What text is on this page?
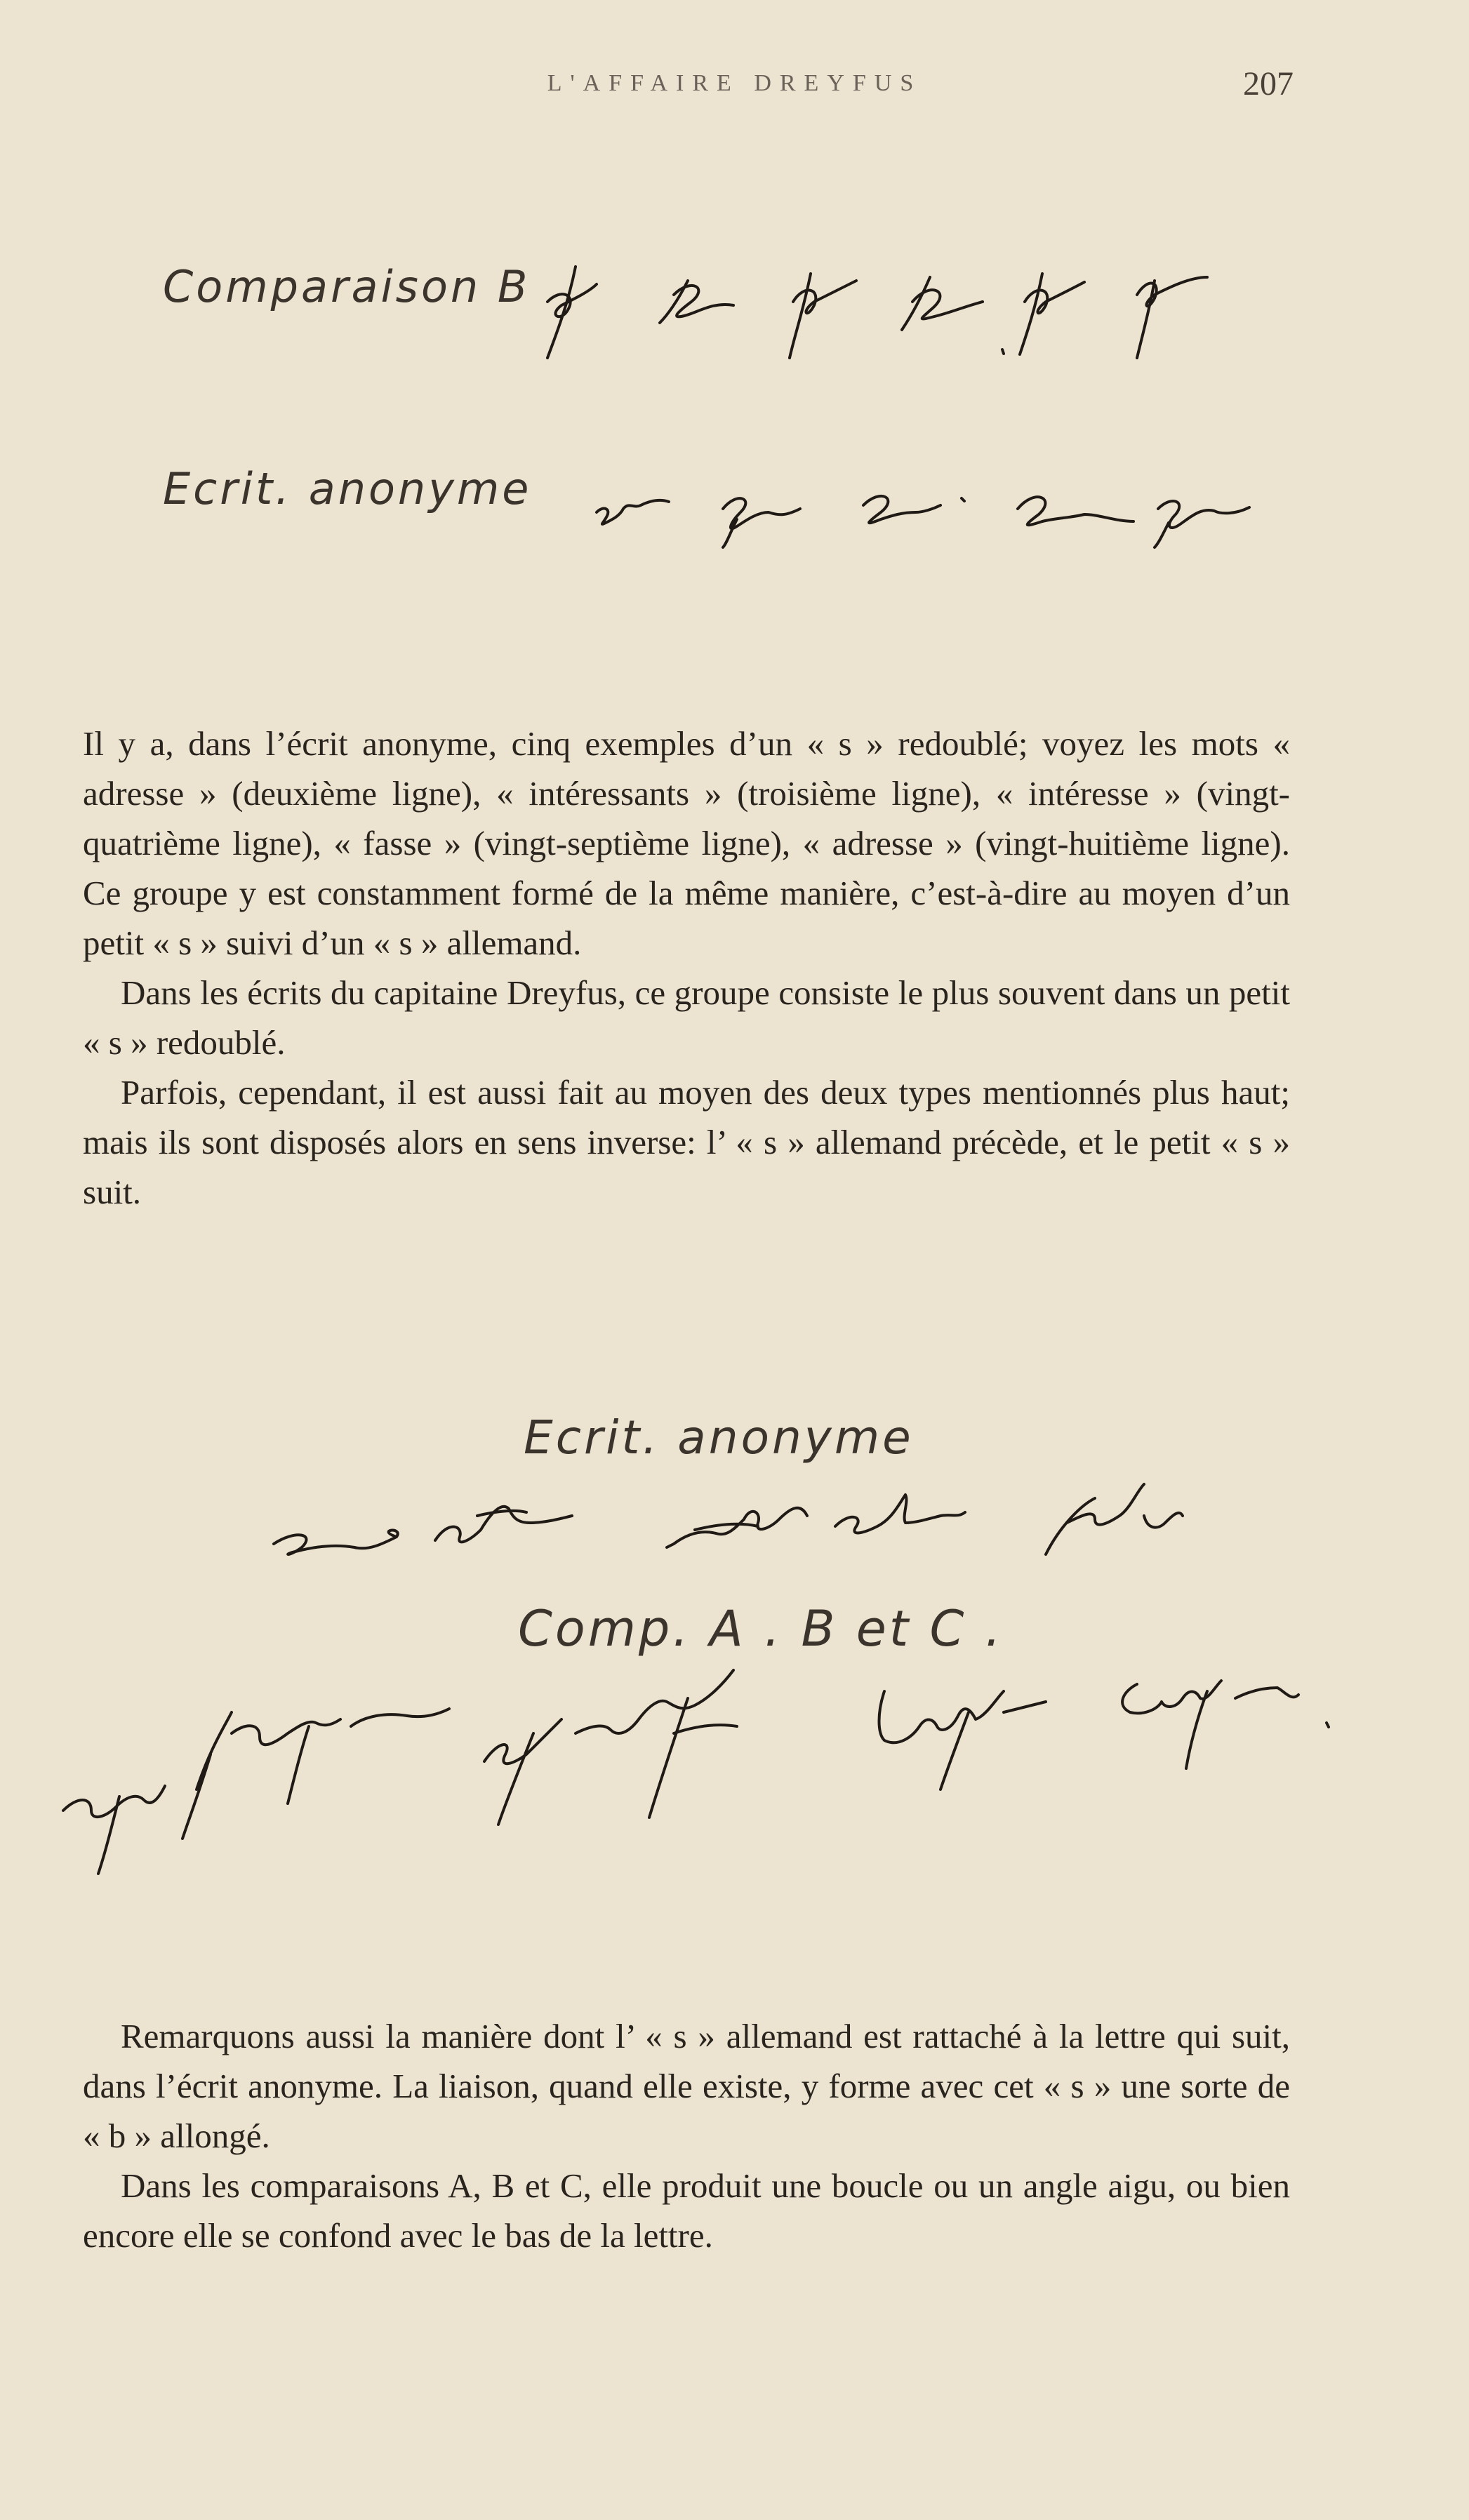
L'AFFAIRE DREYFUS	207
Comparaison B
Ecrit. anonyme

Il y a, dans l’écrit anonyme, cinq exemples d’un « s » redoublé; voyez les mots « adresse » (deuxième ligne), « intéressants » (troisième ligne), « intéresse » (vingt-quatrième ligne), « fasse » (vingt-septième ligne), « adresse » (vingt-huitième ligne). Ce groupe y est constamment formé de la même manière, c’est-à-dire au moyen d’un petit « s » suivi d’un « s » allemand.

Dans les écrits du capitaine Dreyfus, ce groupe consiste le plus souvent dans un petit « s » redoublé.

Parfois, cependant, il est aussi fait au moyen des deux types mentionnés plus haut; mais ils sont disposés alors en sens inverse: l’ « s » allemand précède, et le petit « s » suit.

Ecrit. anonyme
Comp. A . B et C .

Remarquons aussi la manière dont l’ « s » allemand est rattaché à la lettre qui suit, dans l’écrit anonyme. La liaison, quand elle existe, y forme avec cet « s » une sorte de « b » allongé.

Dans les comparaisons A, B et C, elle produit une boucle ou un angle aigu, ou bien encore elle se confond avec le bas de la lettre.
